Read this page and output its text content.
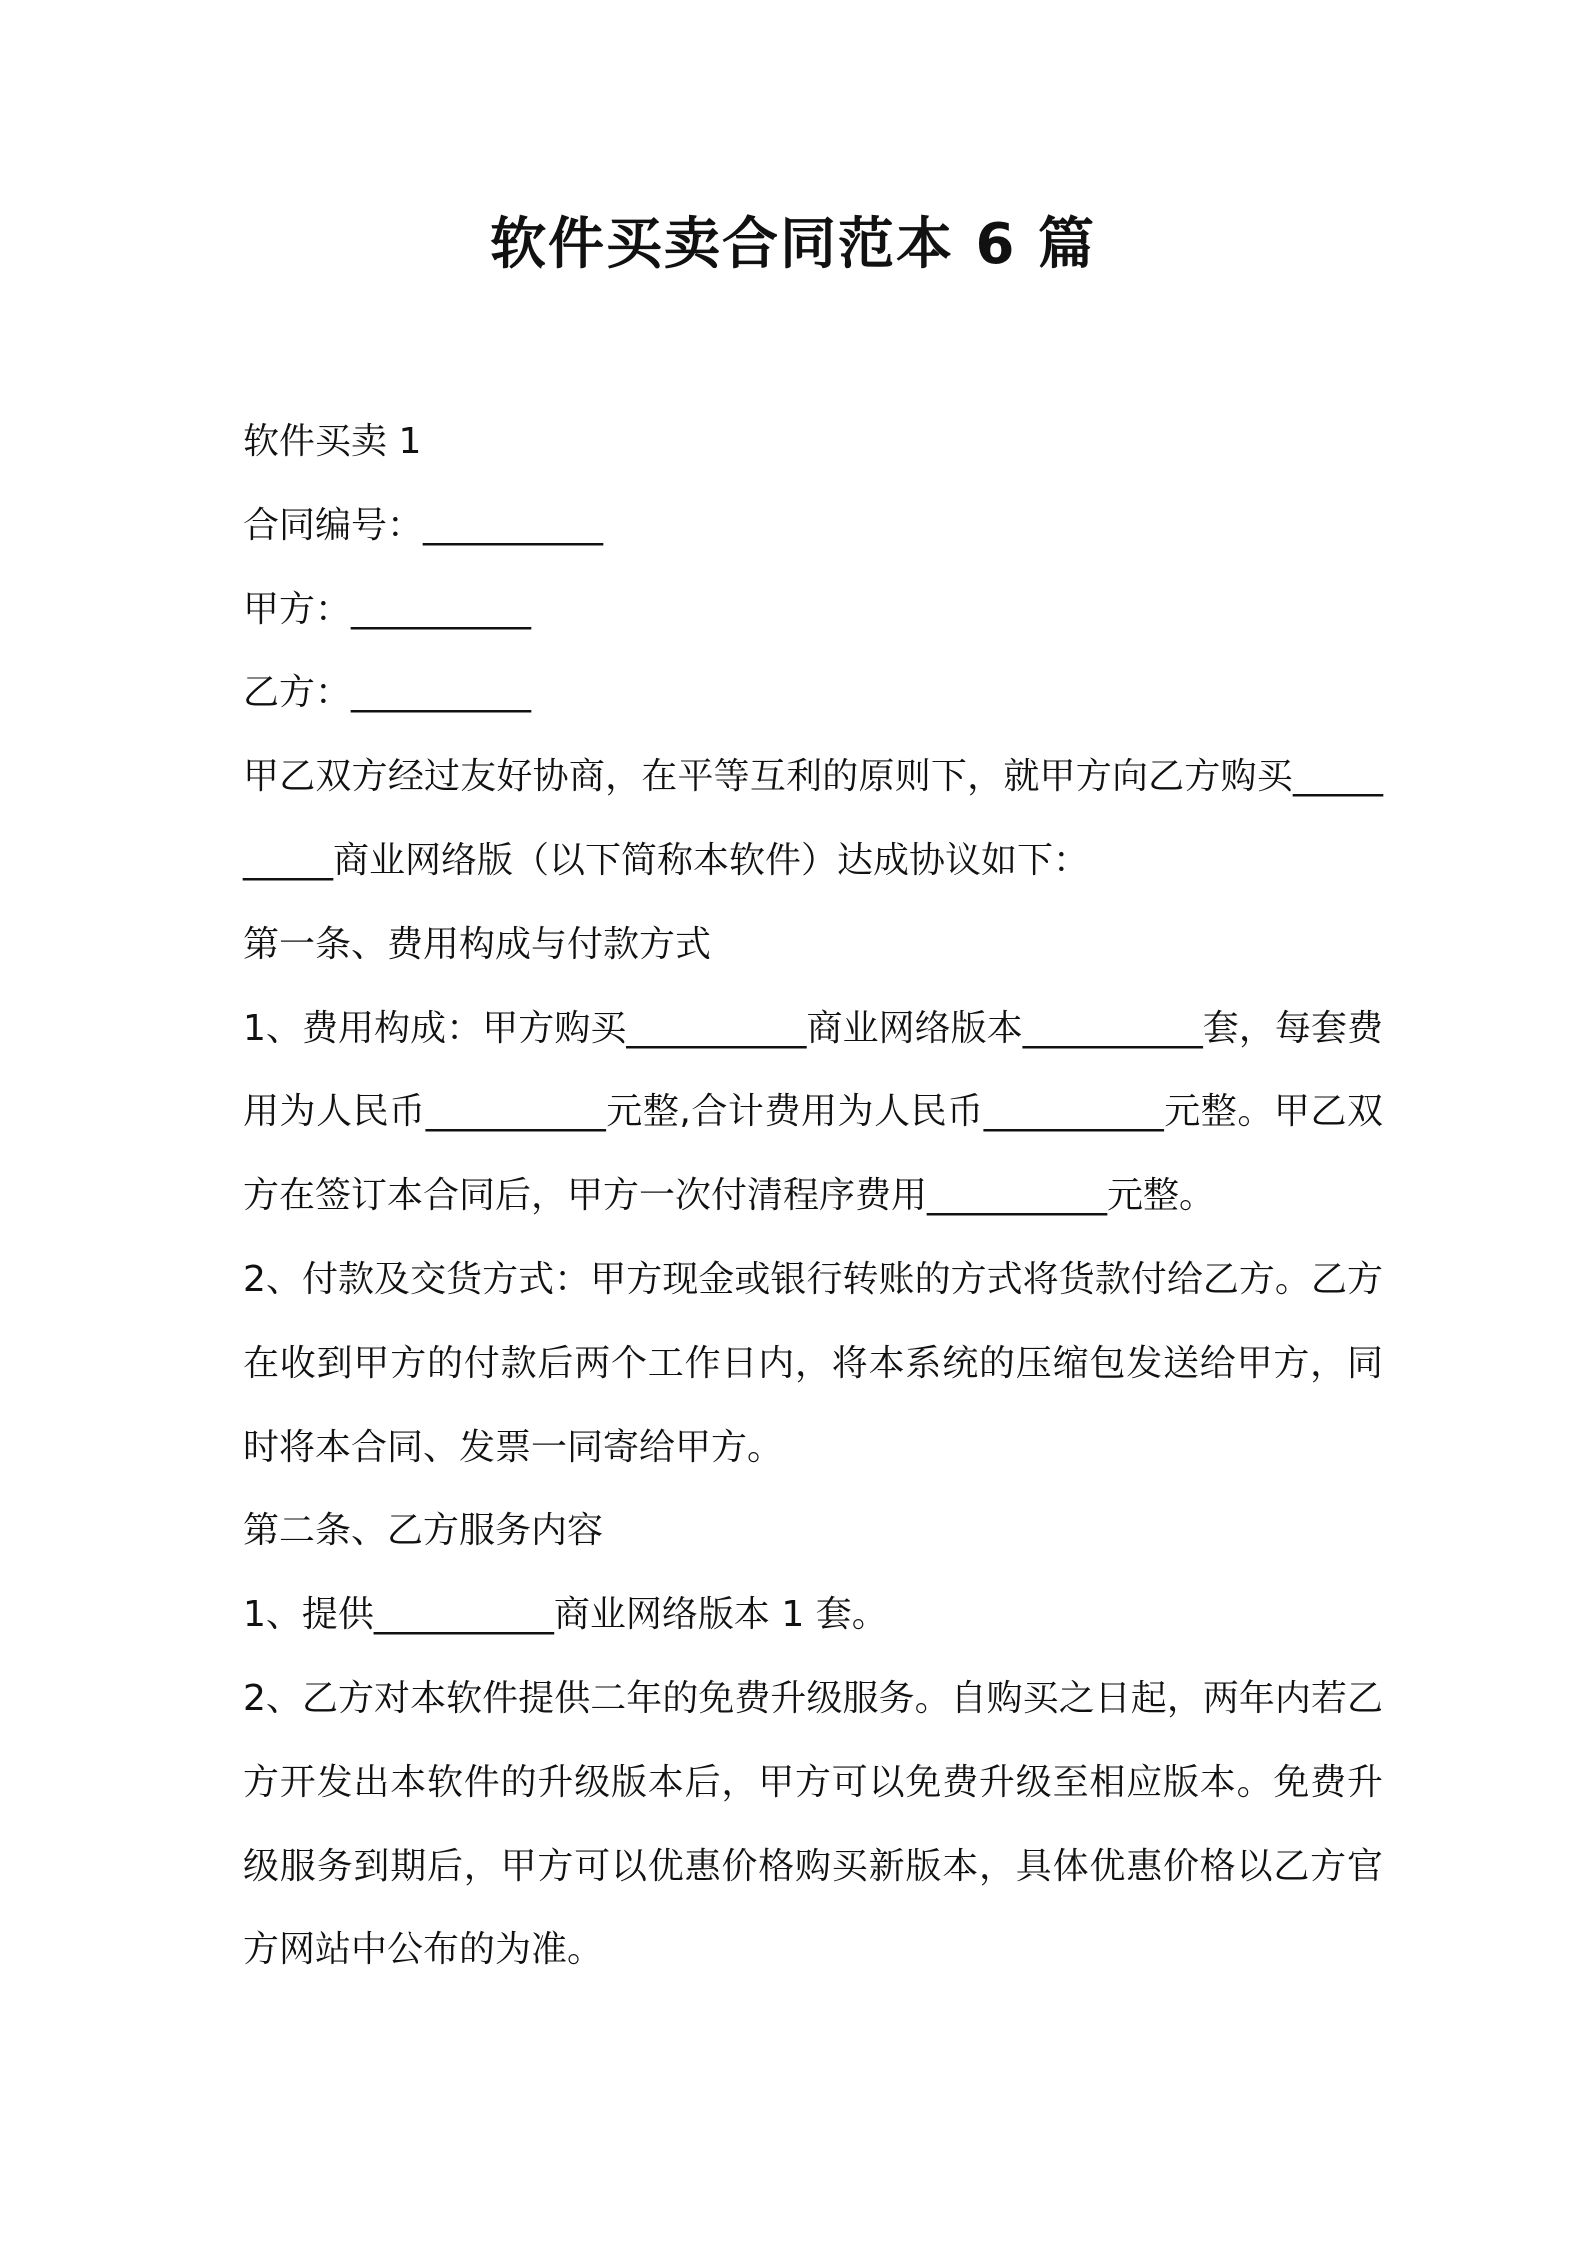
软件买卖合同范本 6 篇

软件买卖 1

合同编号：__________

甲方：__________

乙方：__________

甲乙双方经过友好协商，在平等互利的原则下，就甲方向乙方购买__________商业网络版（以下简称本软件）达成协议如下：

第一条、费用构成与付款方式

1、费用构成：甲方购买__________商业网络版本__________套，每套费用为人民币__________元整,合计费用为人民币__________元整。甲乙双方在签订本合同后，甲方一次付清程序费用__________元整。

2、付款及交货方式：甲方现金或银行转账的方式将货款付给乙方。乙方在收到甲方的付款后两个工作日内，将本系统的压缩包发送给甲方，同时将本合同、发票一同寄给甲方。

第二条、乙方服务内容

1、提供__________商业网络版本 1 套。

2、乙方对本软件提供二年的免费升级服务。自购买之日起，两年内若乙方开发出本软件的升级版本后，甲方可以免费升级至相应版本。免费升级服务到期后，甲方可以优惠价格购买新版本，具体优惠价格以乙方官方网站中公布的为准。
